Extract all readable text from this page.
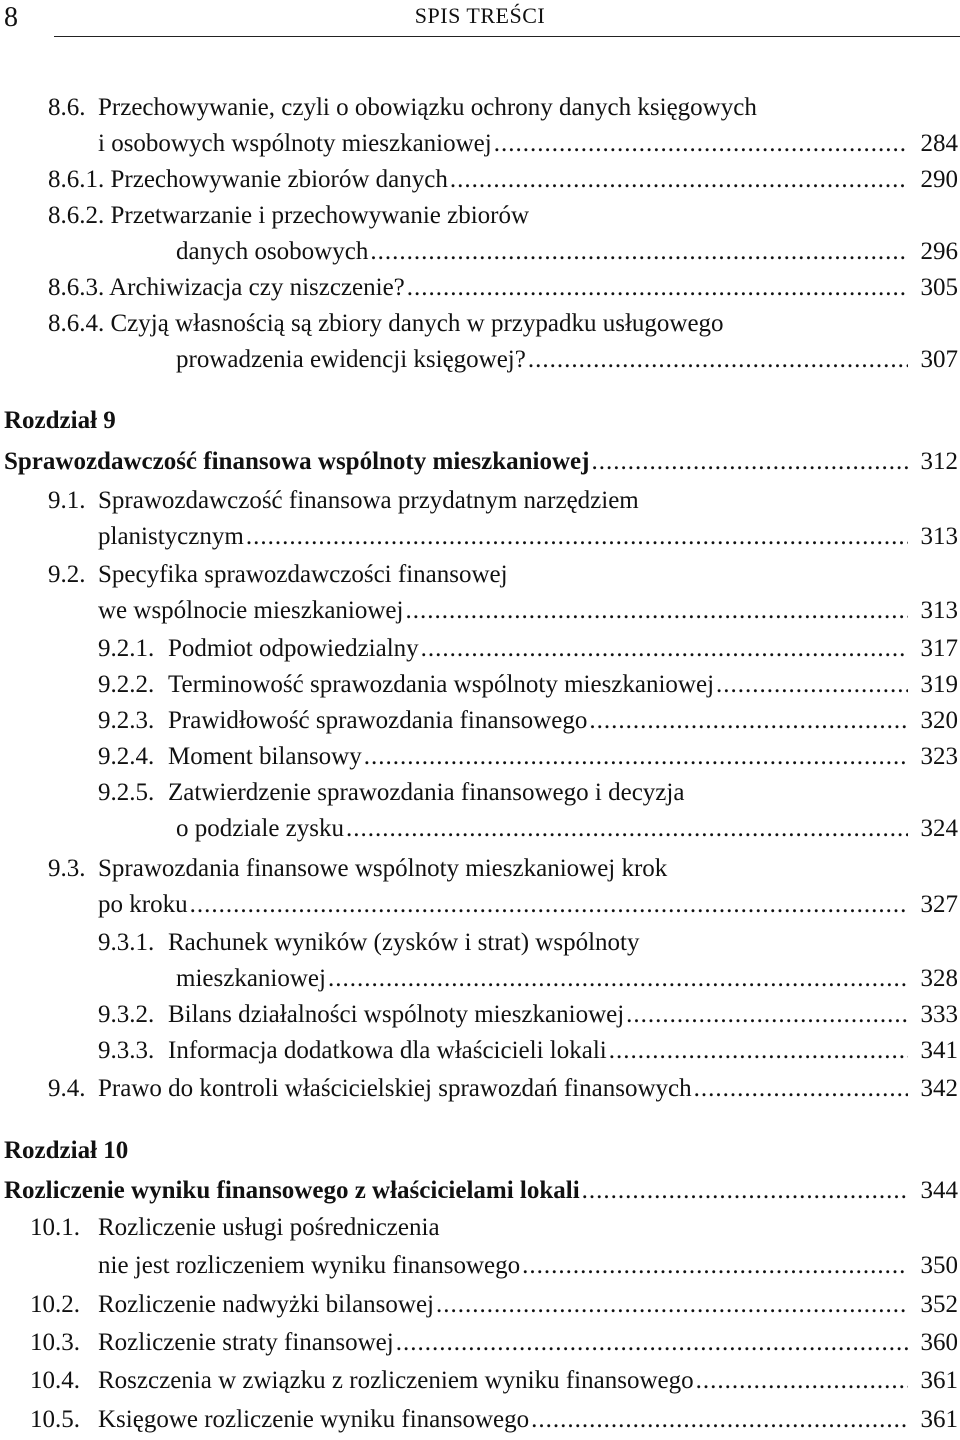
8	SPIS TREŚCI
8.6. Przechowywanie, czyli o obowiązku ochrony danych księgowych
i osobowych wspólnoty mieszkaniowej .....	284
8.6.1. Przechowywanie zbiorów danych .....	290
8.6.2. Przetwarzanie i przechowywanie zbiorów
danych osobowych .....	296
8.6.3. Archiwizacja czy niszczenie? .....	305
8.6.4. Czyją własnością są zbiory danych w przypadku usługowego
prowadzenia ewidencji księgowej? .....	307
Rozdział 9
Sprawozdawczość finansowa wspólnoty mieszkaniowej .....	312
9.1. Sprawozdawczość finansowa przydatnym narzędziem
planistycznym .....	313
9.2. Specyfika sprawozdawczości finansowej
we wspólnocie mieszkaniowej .....	313
9.2.1. Podmiot odpowiedzialny .....	317
9.2.2. Terminowość sprawozdania wspólnoty mieszkaniowej .....	319
9.2.3. Prawidłowość sprawozdania finansowego .....	320
9.2.4. Moment bilansowy .....	323
9.2.5. Zatwierdzenie sprawozdania finansowego i decyzja
o podziale zysku .....	324
9.3. Sprawozdania finansowe wspólnoty mieszkaniowej krok
po kroku .....	327
9.3.1. Rachunek wyników (zysków i strat) wspólnoty
mieszkaniowej .....	328
9.3.2. Bilans działalności wspólnoty mieszkaniowej .....	333
9.3.3. Informacja dodatkowa dla właścicieli lokali .....	341
9.4. Prawo do kontroli właścicielskiej sprawozdań finansowych .....	342
Rozdział 10
Rozliczenie wyniku finansowego z właścicielami lokali .....	344
10.1. Rozliczenie usługi pośredniczenia
nie jest rozliczeniem wyniku finansowego .....	350
10.2. Rozliczenie nadwyżki bilansowej .....	352
10.3. Rozliczenie straty finansowej .....	360
10.4. Roszczenia w związku z rozliczeniem wyniku finansowego .....	361
10.5. Księgowe rozliczenie wyniku finansowego .....	361
